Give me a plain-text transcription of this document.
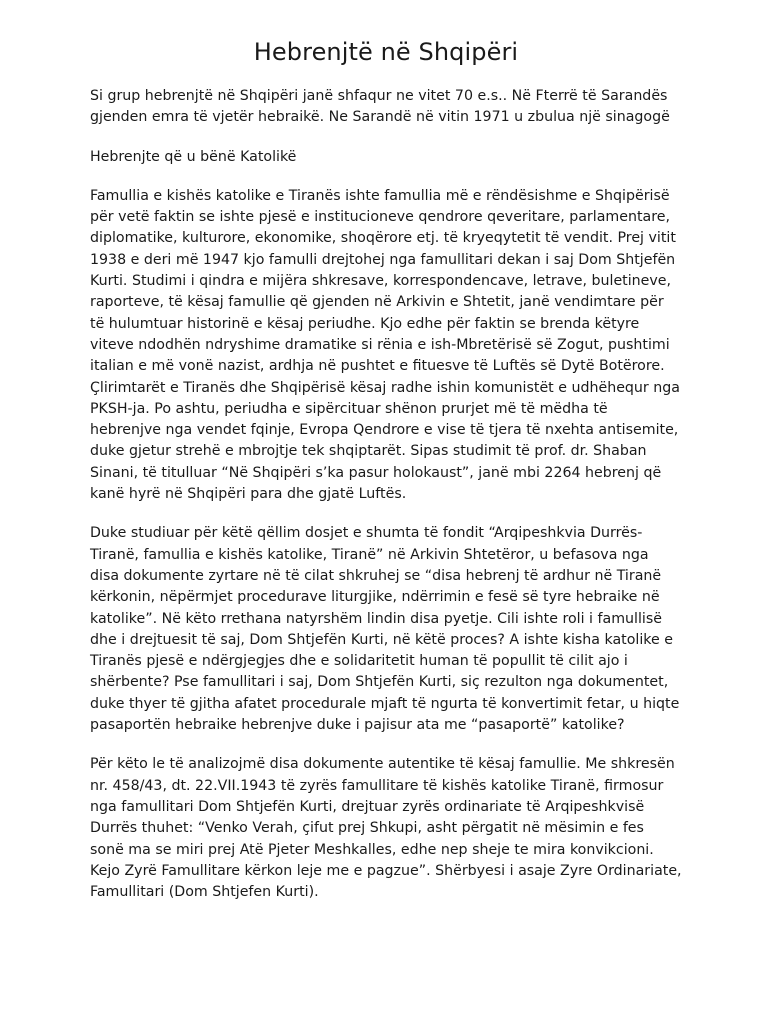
Hebrenjtë në Shqipëri

Si grup hebrenjtë në Shqipëri janë shfaqur ne vitet 70 e.s.. Në Fterrë të Sarandës gjenden emra të vjetër hebraikë. Ne Sarandë në vitin 1971 u zbulua një sinagogë

Hebrenjte që u bënë Katolikë

Famullia e kishës katolike e Tiranës ishte famullia më e rëndësishme e Shqipërisë për vetë faktin se ishte pjesë e institucioneve qendrore qeveritare, parlamentare, diplomatike, kulturore, ekonomike, shoqërore etj. të kryeqytetit të vendit. Prej vitit 1938 e deri më 1947 kjo famulli drejtohej nga famullitari dekan i saj Dom Shtjefën Kurti. Studimi i qindra e mijëra shkresave, korrespondencave, letrave, buletineve, raporteve, të kësaj famullie që gjenden në Arkivin e Shtetit, janë vendimtare për të hulumtuar historinë e kësaj periudhe. Kjo edhe për faktin se brenda këtyre viteve ndodhën ndryshime dramatike si rënia e ish-Mbretërisë së Zogut, pushtimi italian e më vonë nazist, ardhja në pushtet e fituesve të Luftës së Dytë Botërore. Çlirimtarët e Tiranës dhe Shqipërisë kësaj radhe ishin komunistët e udhëhequr nga PKSH-ja. Po ashtu, periudha e sipërcituar shënon prurjet më të mëdha të hebrenjve nga vendet fqinje, Evropa Qendrore e vise të tjera të nxehta antisemite, duke gjetur strehë e mbrojtje tek shqiptarët. Sipas studimit të prof. dr. Shaban Sinani, të titulluar “Në Shqipëri s’ka pasur holokaust”, janë mbi 2264 hebrenj që kanë hyrë në Shqipëri para dhe gjatë Luftës.

Duke studiuar për këtë qëllim dosjet e shumta të fondit “Arqipeshkvia Durrës-Tiranë, famullia e kishës katolike, Tiranë” në Arkivin Shtetëror, u befasova nga disa dokumente zyrtare në të cilat shkruhej se “disa hebrenj të ardhur në Tiranë kërkonin, nëpërmjet procedurave liturgjike, ndërrimin e fesë së tyre hebraike në katolike”. Në këto rrethana natyrshëm lindin disa pyetje. Cili ishte roli i famullisë dhe i drejtuesit të saj, Dom Shtjefën Kurti, në këtë proces? A ishte kisha katolike e Tiranës pjesë e ndërgjegjes dhe e solidaritetit human të popullit të cilit ajo i shërbente? Pse famullitari i saj, Dom Shtjefën Kurti, siç rezulton nga dokumentet, duke thyer të gjitha afatet procedurale mjaft të ngurta të konvertimit fetar, u hiqte pasaportën hebraike hebrenjve duke i pajisur ata me “pasaportë” katolike?

Për këto le të analizojmë disa dokumente autentike të kësaj famullie. Me shkresën nr. 458/43, dt. 22.VII.1943 të zyrës famullitare të kishës katolike Tiranë, firmosur nga famullitari Dom Shtjefën Kurti, drejtuar zyrës ordinariate të Arqipeshkvisë Durrës thuhet: “Venko Verah, çifut prej Shkupi, asht përgatit në mësimin e fes sonë ma se miri prej Atë Pjeter Meshkalles, edhe nep sheje te mira konvikcioni. Kejo Zyrë Famullitare kërkon leje me e pagzue”. Shërbyesi i asaje Zyre Ordinariate, Famullitari (Dom Shtjefen Kurti).
